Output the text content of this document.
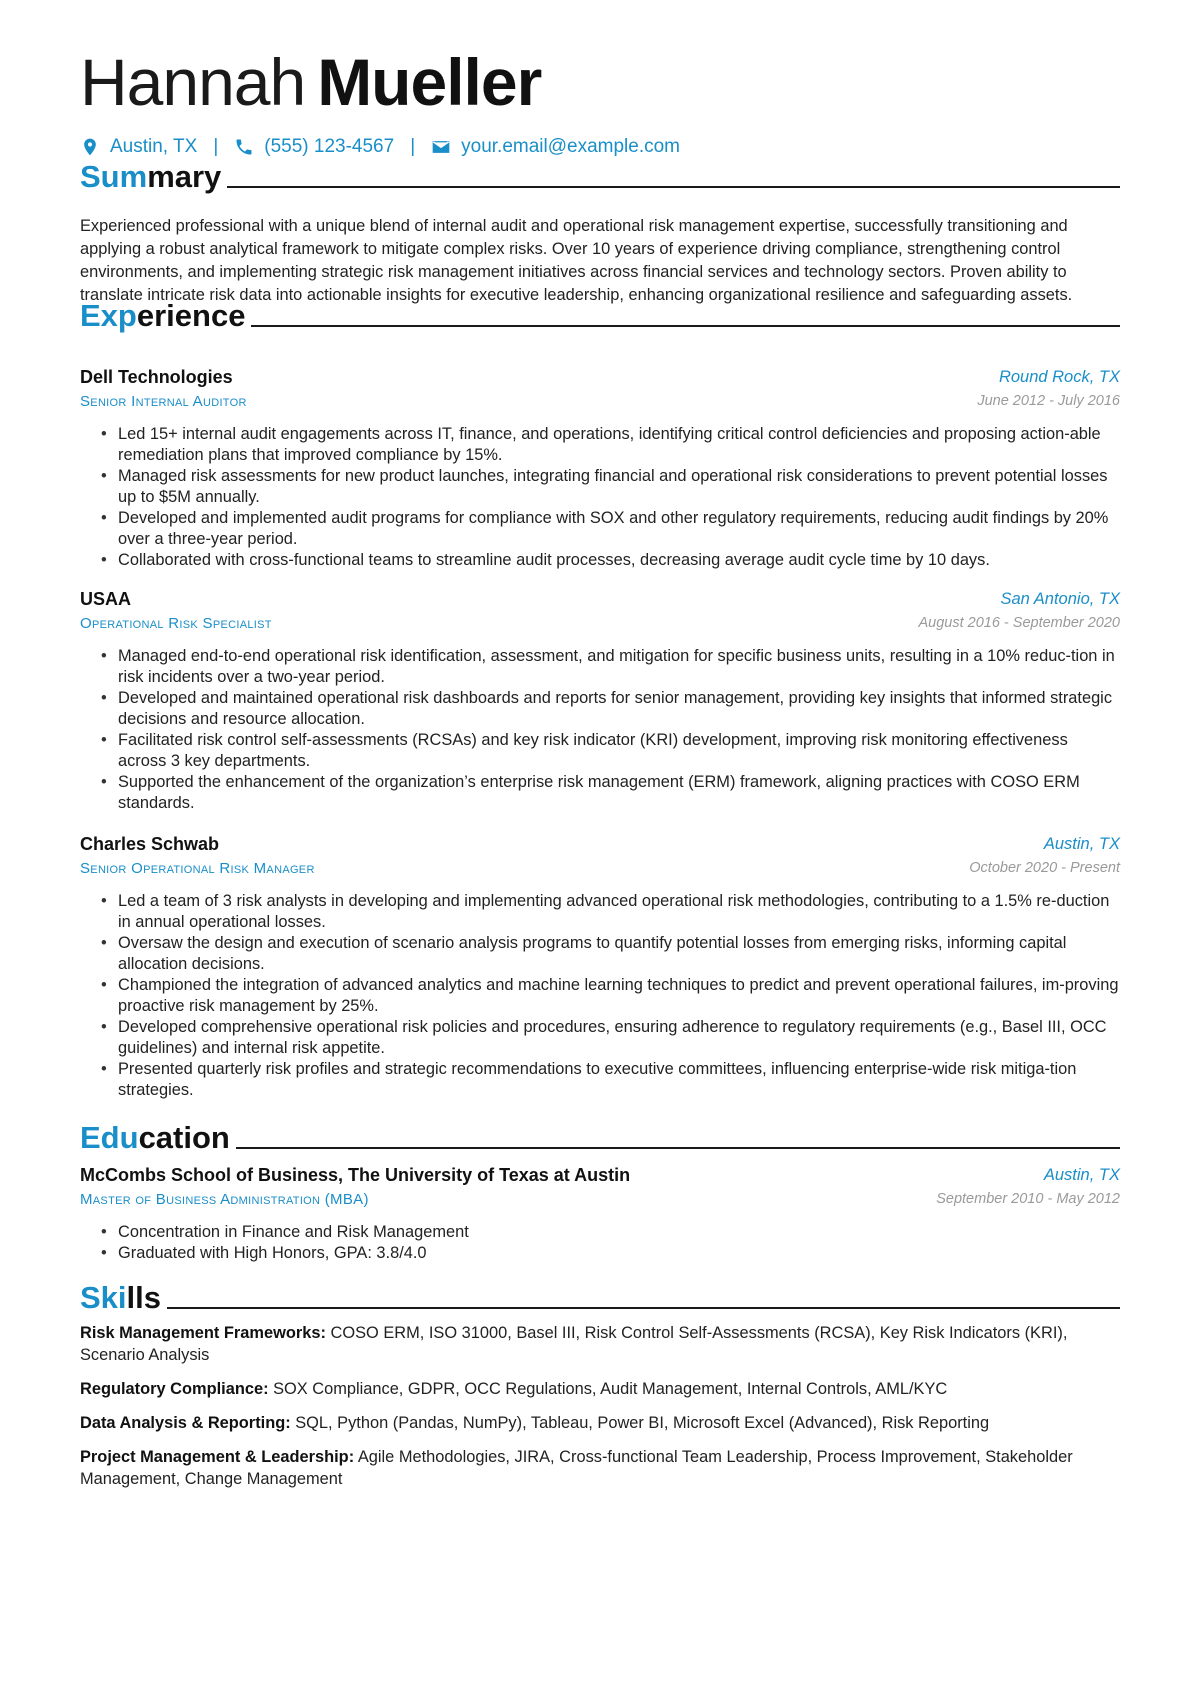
Hannah Mueller
Austin, TX | (555) 123-4567 | your.email@example.com
Summary
Experienced professional with a unique blend of internal audit and operational risk management expertise, successfully transitioning and applying a robust analytical framework to mitigate complex risks. Over 10 years of experience driving compliance, strengthening control environments, and implementing strategic risk management initiatives across financial services and technology sectors. Proven ability to translate intricate risk data into actionable insights for executive leadership, enhancing organizational resilience and safeguarding assets.
Experience
Dell Technologies	Round Rock, TX
Senior Internal Auditor	June 2012 - July 2016
• Led 15+ internal audit engagements across IT, finance, and operations, identifying critical control deficiencies and proposing action-able remediation plans that improved compliance by 15%.
• Managed risk assessments for new product launches, integrating financial and operational risk considerations to prevent potential losses up to $5M annually.
• Developed and implemented audit programs for compliance with SOX and other regulatory requirements, reducing audit findings by 20% over a three-year period.
• Collaborated with cross-functional teams to streamline audit processes, decreasing average audit cycle time by 10 days.
USAA	San Antonio, TX
Operational Risk Specialist	August 2016 - September 2020
• Managed end-to-end operational risk identification, assessment, and mitigation for specific business units, resulting in a 10% reduc-tion in risk incidents over a two-year period.
• Developed and maintained operational risk dashboards and reports for senior management, providing key insights that informed strategic decisions and resource allocation.
• Facilitated risk control self-assessments (RCSAs) and key risk indicator (KRI) development, improving risk monitoring effectiveness across 3 key departments.
• Supported the enhancement of the organization’s enterprise risk management (ERM) framework, aligning practices with COSO ERM standards.
Charles Schwab	Austin, TX
Senior Operational Risk Manager	October 2020 - Present
• Led a team of 3 risk analysts in developing and implementing advanced operational risk methodologies, contributing to a 1.5% re-duction in annual operational losses.
• Oversaw the design and execution of scenario analysis programs to quantify potential losses from emerging risks, informing capital allocation decisions.
• Championed the integration of advanced analytics and machine learning techniques to predict and prevent operational failures, im-proving proactive risk management by 25%.
• Developed comprehensive operational risk policies and procedures, ensuring adherence to regulatory requirements (e.g., Basel III, OCC guidelines) and internal risk appetite.
• Presented quarterly risk profiles and strategic recommendations to executive committees, influencing enterprise-wide risk mitiga-tion strategies.
Education
McCombs School of Business, The University of Texas at Austin	Austin, TX
Master of Business Administration (MBA)	September 2010 - May 2012
• Concentration in Finance and Risk Management
• Graduated with High Honors, GPA: 3.8/4.0
Skills
Risk Management Frameworks: COSO ERM, ISO 31000, Basel III, Risk Control Self-Assessments (RCSA), Key Risk Indicators (KRI), Scenario Analysis
Regulatory Compliance: SOX Compliance, GDPR, OCC Regulations, Audit Management, Internal Controls, AML/KYC
Data Analysis & Reporting: SQL, Python (Pandas, NumPy), Tableau, Power BI, Microsoft Excel (Advanced), Risk Reporting
Project Management & Leadership: Agile Methodologies, JIRA, Cross-functional Team Leadership, Process Improvement, Stakeholder Management, Change Management
